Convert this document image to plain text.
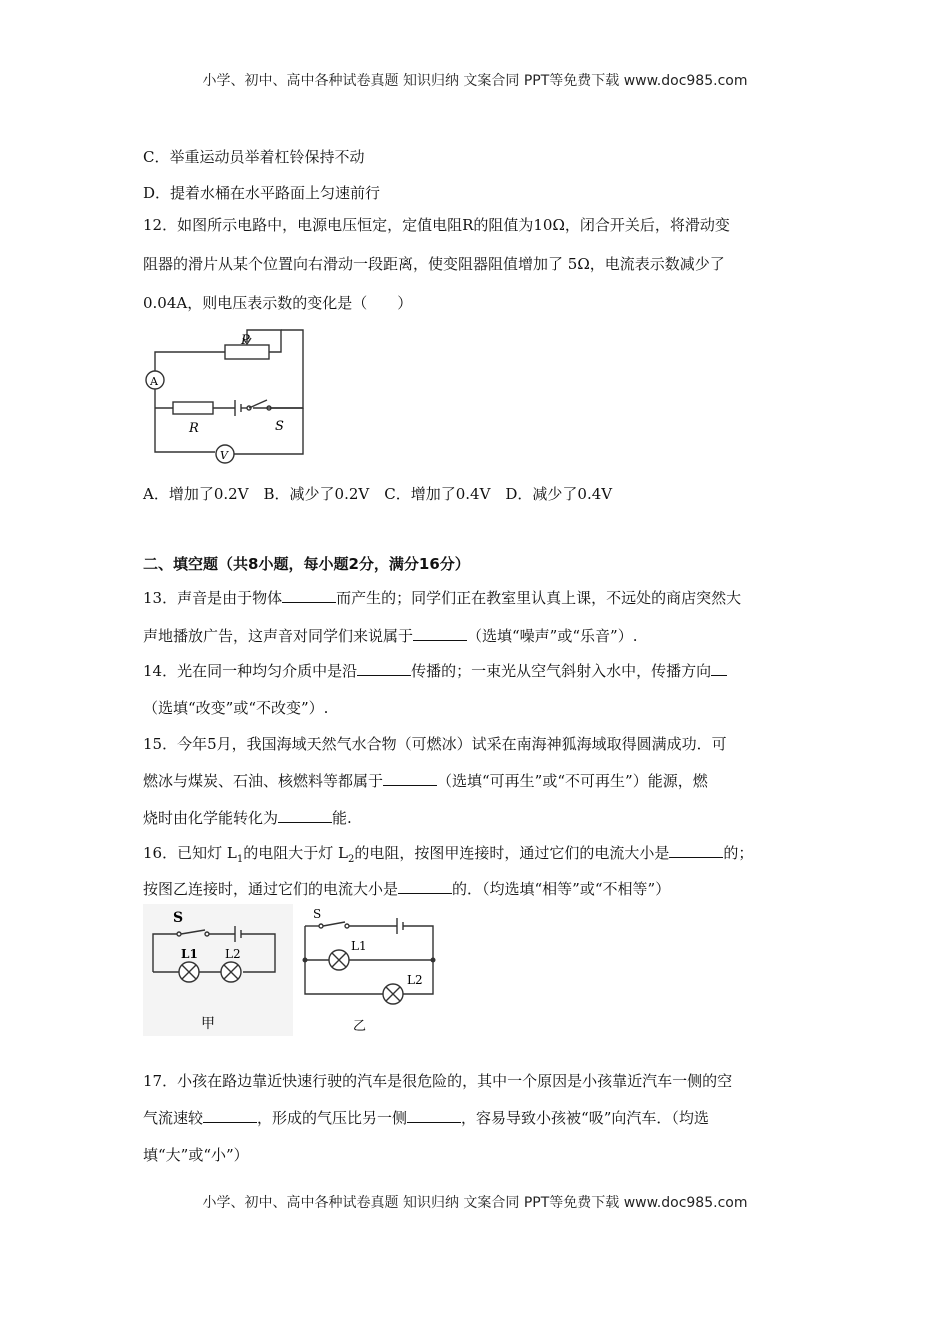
小学、初中、高中各种试卷真题 知识归纳 文案合同 PPT等免费下载 www.doc985.com
C．举重运动员举着杠铃保持不动
D．提着水桶在水平路面上匀速前行
12．如图所示电路中，电源电压恒定，定值电阻R的阻值为10Ω，闭合开关后，将滑动变
阻器的滑片从某个位置向右滑动一段距离，使变阻器阻值增加了 5Ω，电流表示数减少了
0.04A，则电压表示数的变化是（　　）
P
A
R	S
V
A．增加了0.2V　B．减少了0.2V　C．增加了0.4V　D．减少了0.4V
二、填空题（共8小题，每小题2分，满分16分）
13．声音是由于物体	而产生的；同学们正在教室里认真上课，不远处的商店突然大
声地播放广告，这声音对同学们来说属于	（选填“噪声”或“乐音”）.
14．光在同一种均匀介质中是沿	传播的；一束光从空气斜射入水中，传播方向
（选填“改变”或“不改变”）.
15．今年5月，我国海域天然气水合物（可燃冰）试采在南海神狐海域取得圆满成功．可
燃冰与煤炭、石油、核燃料等都属于	（选填“可再生”或“不可再生”）能源，燃
烧时由化学能转化为	能.
16．已知灯 $L_1$的电阻大于灯 $L_2$的电阻，按图甲连接时，通过它们的电流大小是	的；
按图乙连接时，通过它们的电流大小是	的．（均选填“相等”或“不相等”）
S
L1 L2
甲
S
L1
L2
乙
17．小孩在路边靠近快速行驶的汽车是很危险的，其中一个原因是小孩靠近汽车一侧的空
气流速较	，形成的气压比另一侧	，容易导致小孩被“吸”向汽车．（均选
填“大”或“小”）
小学、初中、高中各种试卷真题 知识归纳 文案合同 PPT等免费下载 www.doc985.com
